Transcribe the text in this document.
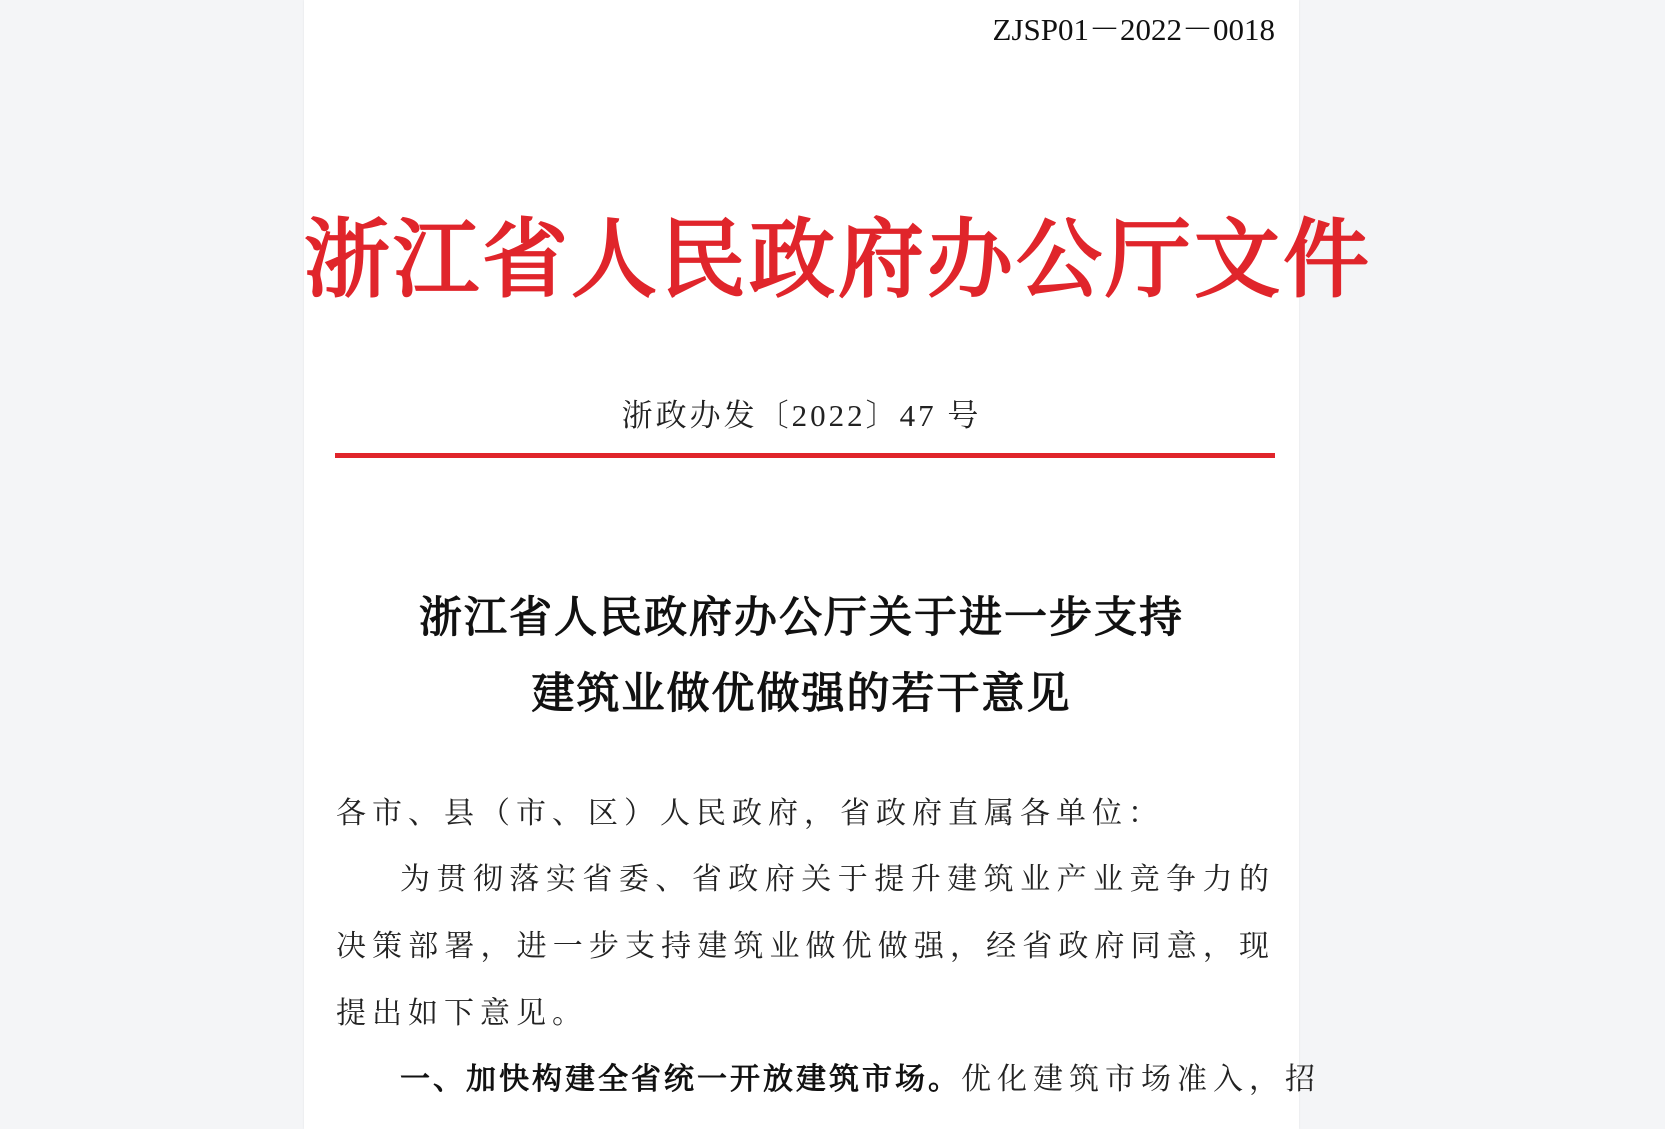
ZJSP01－2022－0018
浙江省人民政府办公厅文件
浙政办发〔2022〕47 号
浙江省人民政府办公厅关于进一步支持
建筑业做优做强的若干意见
各市、县（市、区）人民政府，省政府直属各单位：
为贯彻落实省委、省政府关于提升建筑业产业竞争力的决策部署，进一步支持建筑业做优做强，经省政府同意，现提出如下意见。
一、加快构建全省统一开放建筑市场。优化建筑市场准入，招
